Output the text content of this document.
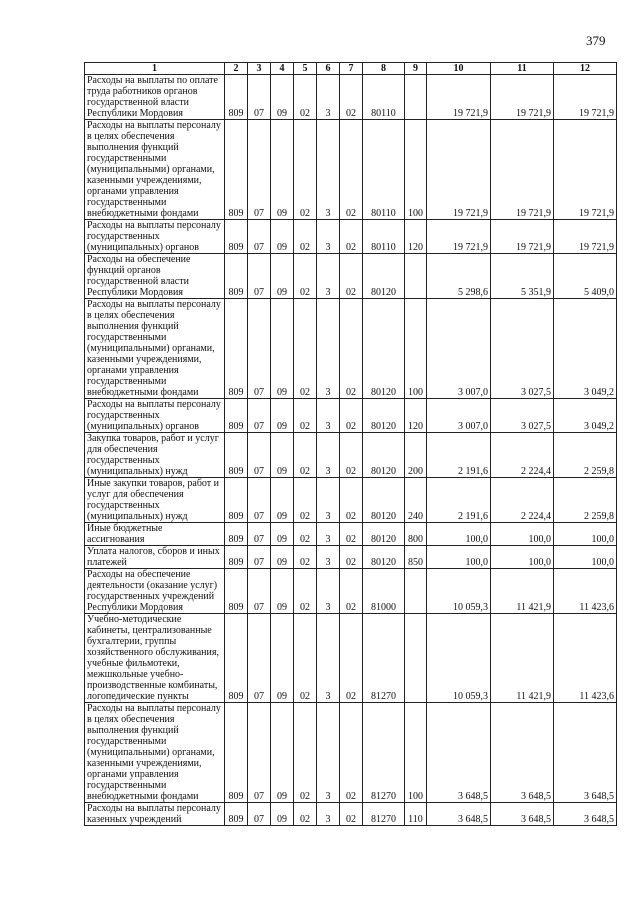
379
1	2	3	4	5	6	7	8	9	10	11	12
Расходы на выплаты по оплате труда работников органов государственной власти Республики Мордовия	809	07	09	02	3	02	80110		19 721,9	19 721,9	19 721,9
Расходы на выплаты персоналу в целях обеспечения выполнения функций государственными (муниципальными) органами, казенными учреждениями, органами управления государственными внебюджетными фондами	809	07	09	02	3	02	80110	100	19 721,9	19 721,9	19 721,9
Расходы на выплаты персоналу государственных (муниципальных) органов	809	07	09	02	3	02	80110	120	19 721,9	19 721,9	19 721,9
Расходы на обеспечение функций органов государственной власти Республики Мордовия	809	07	09	02	3	02	80120		5 298,6	5 351,9	5 409,0
Расходы на выплаты персоналу в целях обеспечения выполнения функций государственными (муниципальными) органами, казенными учреждениями, органами управления государственными внебюджетными фондами	809	07	09	02	3	02	80120	100	3 007,0	3 027,5	3 049,2
Расходы на выплаты персоналу государственных (муниципальных) органов	809	07	09	02	3	02	80120	120	3 007,0	3 027,5	3 049,2
Закупка товаров, работ и услуг для обеспечения государственных (муниципальных) нужд	809	07	09	02	3	02	80120	200	2 191,6	2 224,4	2 259,8
Иные закупки товаров, работ и услуг для обеспечения государственных (муниципальных) нужд	809	07	09	02	3	02	80120	240	2 191,6	2 224,4	2 259,8
Иные бюджетные ассигнования	809	07	09	02	3	02	80120	800	100,0	100,0	100,0
Уплата налогов, сборов и иных платежей	809	07	09	02	3	02	80120	850	100,0	100,0	100,0
Расходы на обеспечение деятельности (оказание услуг) государственных учреждений Республики Мордовия	809	07	09	02	3	02	81000		10 059,3	11 421,9	11 423,6
Учебно-методические кабинеты, централизованные бухгалтерии, группы хозяйственного обслуживания, учебные фильмотеки, межшкольные учебно-производственные комбинаты, логопедические пункты	809	07	09	02	3	02	81270		10 059,3	11 421,9	11 423,6
Расходы на выплаты персоналу в целях обеспечения выполнения функций государственными (муниципальными) органами, казенными учреждениями, органами управления государственными внебюджетными фондами	809	07	09	02	3	02	81270	100	3 648,5	3 648,5	3 648,5
Расходы на выплаты персоналу казенных учреждений	809	07	09	02	3	02	81270	110	3 648,5	3 648,5	3 648,5
